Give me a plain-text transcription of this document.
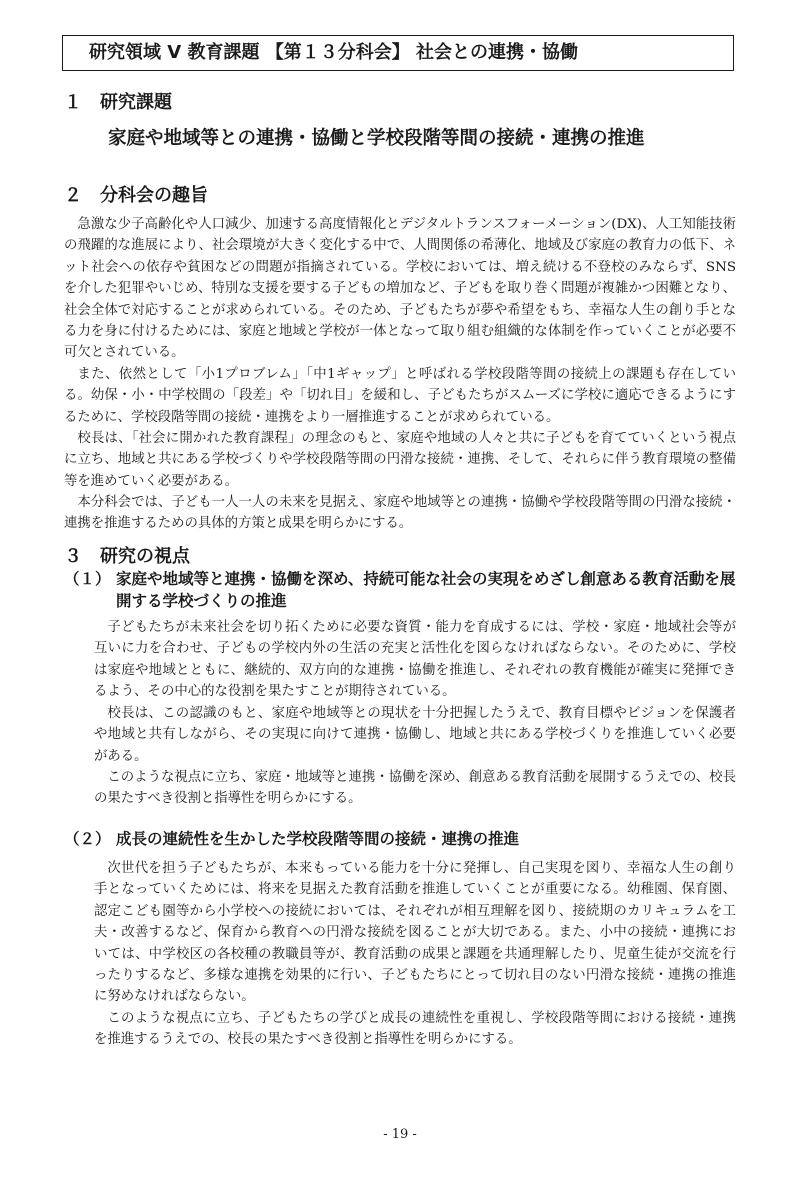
研究領域 Ⅴ 教育課題 【第１３分科会】 社会との連携・協働
１　研究課題
家庭や地域等との連携・協働と学校段階等間の接続・連携の推進
２　分科会の趣旨

急激な少子高齢化や人口減少、加速する高度情報化とデジタルトランスフォーメーション(DX)、人工知能技術の飛躍的な進展により、社会環境が大きく変化する中で、人間関係の希薄化、地域及び家庭の教育力の低下、ネット社会への依存や貧困などの問題が指摘されている。学校においては、増え続ける不登校のみならず、SNS を介した犯罪やいじめ、特別な支援を要する子どもの増加など、子どもを取り巻く問題が複雑かつ困難となり、社会全体で対応することが求められている。そのため、子どもたちが夢や希望をもち、幸福な人生の創り手となる力を身に付けるためには、家庭と地域と学校が一体となって取り組む組織的な体制を作っていくことが必要不可欠とされている。

また、依然として「小1プロブレム」「中1ギャップ」と呼ばれる学校段階等間の接続上の課題も存在している。幼保・小・中学校間の「段差」や「切れ目」を緩和し、子どもたちがスムーズに学校に適応できるようにするために、学校段階等間の接続・連携をより一層推進することが求められている。

校長は、「社会に開かれた教育課程」の理念のもと、家庭や地域の人々と共に子どもを育てていくという視点に立ち、地域と共にある学校づくりや学校段階等間の円滑な接続・連携、そして、それらに伴う教育環境の整備等を進めていく必要がある。

本分科会では、子ども一人一人の未来を見据え、家庭や地域等との連携・協働や学校段階等間の円滑な接続・連携を推進するための具体的方策と成果を明らかにする。

３　研究の視点
（１） 家庭や地域等と連携・協働を深め、持続可能な社会の実現をめざし創意ある教育活動を展開する学校づくりの推進

子どもたちが未来社会を切り拓くために必要な資質・能力を育成するには、学校・家庭・地域社会等が互いに力を合わせ、子どもの学校内外の生活の充実と活性化を図らなければならない。そのために、学校は家庭や地域とともに、継続的、双方向的な連携・協働を推進し、それぞれの教育機能が確実に発揮できるよう、その中心的な役割を果たすことが期待されている。

校長は、この認識のもと、家庭や地域等との現状を十分把握したうえで、教育目標やビジョンを保護者や地域と共有しながら、その実現に向けて連携・協働し、地域と共にある学校づくりを推進していく必要がある。

このような視点に立ち、家庭・地域等と連携・協働を深め、創意ある教育活動を展開するうえでの、校長の果たすべき役割と指導性を明らかにする。

（２） 成長の連続性を生かした学校段階等間の接続・連携の推進

次世代を担う子どもたちが、本来もっている能力を十分に発揮し、自己実現を図り、幸福な人生の創り手となっていくためには、将来を見据えた教育活動を推進していくことが重要になる。幼稚園、保育園、認定こども園等から小学校への接続においては、それぞれが相互理解を図り、接続期のカリキュラムを工夫・改善するなど、保育から教育への円滑な接続を図ることが大切である。また、小中の接続・連携においては、中学校区の各校種の教職員等が、教育活動の成果と課題を共通理解したり、児童生徒が交流を行ったりするなど、多様な連携を効果的に行い、子どもたちにとって切れ目のない円滑な接続・連携の推進に努めなければならない。

このような視点に立ち、子どもたちの学びと成長の連続性を重視し、学校段階等間における接続・連携を推進するうえでの、校長の果たすべき役割と指導性を明らかにする。

- 19 -
